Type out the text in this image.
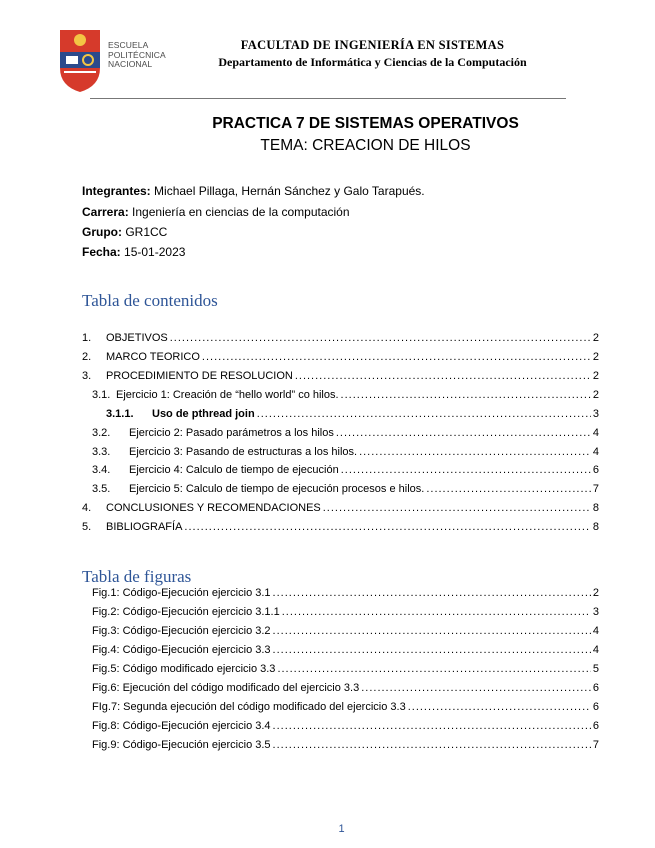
ESCUELA
POLITÉCNICA
NACIONAL
FACULTAD DE INGENIERÍA EN SISTEMAS
Departamento de Informática y Ciencias de la Computación
PRACTICA 7 DE SISTEMAS OPERATIVOS
TEMA: CREACION DE HILOS
Integrantes: Michael Pillaga, Hernán Sánchez y Galo Tarapués.
Carrera: Ingeniería en ciencias de la computación
Grupo: GR1CC
Fecha: 15-01-2023
Tabla de contenidos
1.	OBJETIVOS .....	2
2.	MARCO TEORICO .....	2
3.	PROCEDIMIENTO DE RESOLUCION .....	2
3.1. Ejercicio 1: Creación de “hello world” co hilos. .....	2
3.1.1.	Uso de pthread join .....	3
3.2.	Ejercicio 2: Pasado parámetros a los hilos .....	4
3.3.	Ejercicio 3: Pasando de estructuras a los hilos. .....	4
3.4.	Ejercicio 4: Calculo de tiempo de ejecución .....	6
3.5.	Ejercicio 5: Calculo de tiempo de ejecución procesos e hilos. .....	7
4.	CONCLUSIONES Y RECOMENDACIONES .....	8
5.	BIBLIOGRAFÍA .....	8
Tabla de figuras
Fig.1: Código-Ejecución ejercicio 3.1 .....	2
Fig.2: Código-Ejecución ejercicio 3.1.1 .....	3
Fig.3: Código-Ejecución ejercicio 3.2 .....	4
Fig.4: Código-Ejecución ejercicio 3.3 .....	4
Fig.5: Código modificado ejercicio 3.3 .....	5
Fig.6: Ejecución del código modificado del ejercicio 3.3 .....	6
FIg.7: Segunda ejecución del código modificado del ejercicio 3.3 .....	6
Fig.8: Código-Ejecución ejercicio 3.4 .....	6
Fig.9: Código-Ejecución ejercicio 3.5 .....	7
1
